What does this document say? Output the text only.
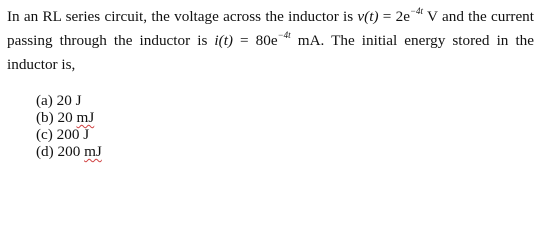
In an RL series circuit, the voltage across the inductor is $v(t) = 2e^{-4t}$ V and the current
passing through the inductor is $i(t) = 80e^{-4t}$ mA. The initial energy stored in the
inductor is,
(a) 20 J
(b) 20 mJ
(c) 200 J
(d) 200 mJ
